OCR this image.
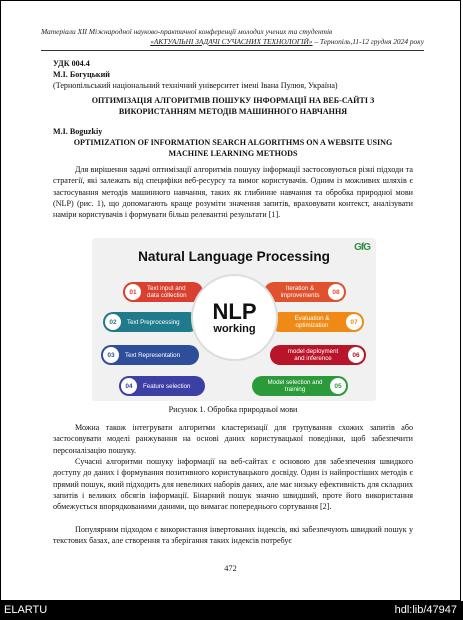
Матеріали ХІІ Міжнародної науково-практичної конференції молодих учених та студентів
«АКТУАЛЬНІ ЗАДАЧІ СУЧАСНИХ ТЕХНОЛОГІЙ» – Тернопіль,11-12 грудня 2024 року
УДК 004.4
М.І. Богуцький
(Тернопільський національний технічний університет імені Івана Пулюя, Україна)
ОПТИМІЗАЦІЯ АЛГОРИТМІВ ПОШУКУ ІНФОРМАЦІЇ НА ВЕБ-САЙТІ З ВИКОРИСТАННЯМ МЕТОДІВ МАШИННОГО НАВЧАННЯ
M.I. Boguzkiy
OPTIMIZATION OF INFORMATION SEARCH ALGORITHMS ON A WEBSITE USING MACHINE LEARNING METHODS
Для вирішення задачі оптимізації алгоритмів пошуку інформації застосовуються різні підходи та стратегії, які залежать від специфіки веб-ресурсу та вимог користувачів. Одним із можливих шляхів є застосування методів машинного навчання, таких як глибинне навчання та обробка природної мови (NLP) (рис. 1), що допомагають краще розуміти значення запитів, враховувати контекст, аналізувати наміри користувачів і формувати більш релевантні результати [1].
GfG
Natural Language Processing
01	Text input and data collection
02	Text Preprocessing
03	Text Representation
04	Feature selection
Iteration & improvements	08
Evaluation & optimization	07
model deployment and inference	06
Model selection and training	05
NLP
working
Рисунок 1. Обробка природньої мови
Можна також інтегрувати алгоритми кластеризації для групування схожих запитів або застосовувати моделі ранжування на основі даних користувацької поведінки, щоб забезпечити персоналізацію пошуку.
Сучасні алгоритми пошуку інформації на веб-сайтах є основою для забезпечення швидкого доступу до даних і формування позитивного користувацького досвіду. Один із найпростіших методів є прямий пошук, який підходить для невеликих наборів даних, але має низьку ефективність для складних запитів і великих обсягів інформації. Бінарний пошук значно швидший, проте його використання обмежується впорядкованими даними, що вимагає попереднього сортування [2].
Популярним підходом є використання інвертованих індексів, які забезпечують швидкий пошук у текстових базах, але створення та зберігання таких індексів потребує
472
ELARTU	hdl:lib/47947
